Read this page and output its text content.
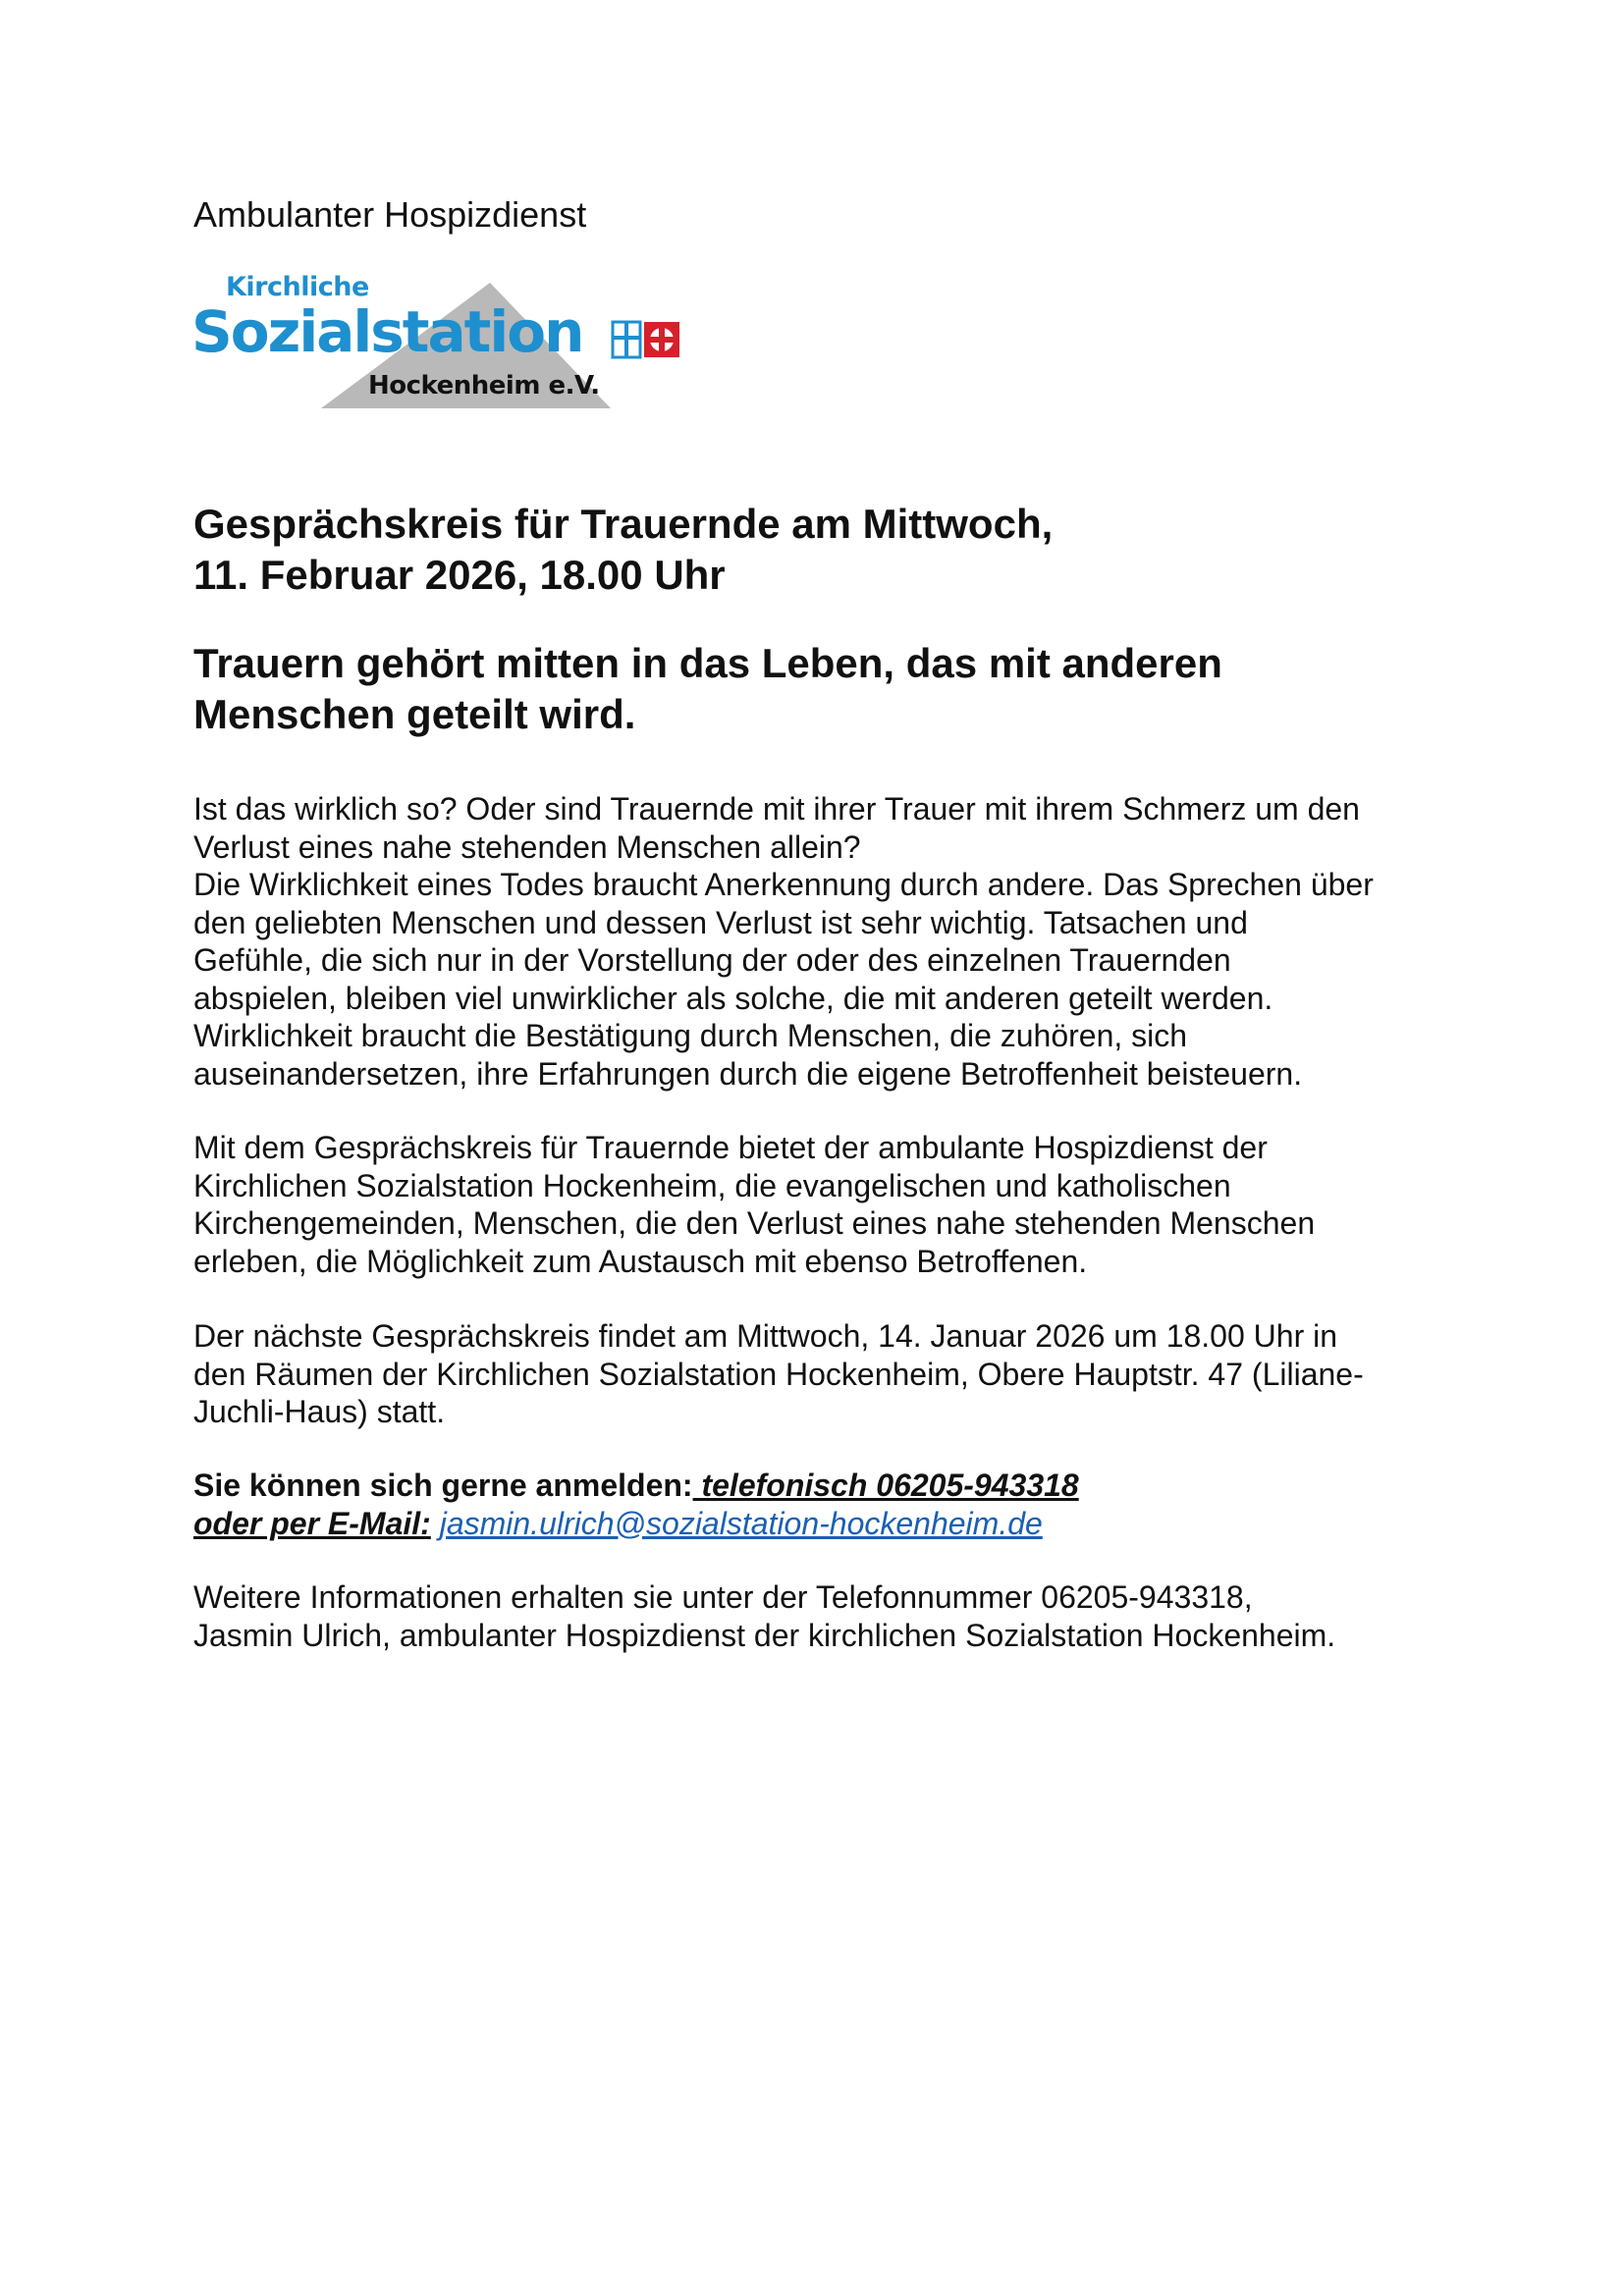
Ambulanter Hospizdienst

Kirchliche
Sozialstation
Hockenheim e.V.
Gesprächskreis für Trauernde am Mittwoch,
11. Februar 2026, 18.00 Uhr
Trauern gehört mitten in das Leben, das mit anderen
Menschen geteilt wird.

Ist das wirklich so? Oder sind Trauernde mit ihrer Trauer mit ihrem Schmerz um den
Verlust eines nahe stehenden Menschen allein?
Die Wirklichkeit eines Todes braucht Anerkennung durch andere. Das Sprechen über
den geliebten Menschen und dessen Verlust ist sehr wichtig. Tatsachen und
Gefühle, die sich nur in der Vorstellung der oder des einzelnen Trauernden
abspielen, bleiben viel unwirklicher als solche, die mit anderen geteilt werden.
Wirklichkeit braucht die Bestätigung durch Menschen, die zuhören, sich
auseinandersetzen, ihre Erfahrungen durch die eigene Betroffenheit beisteuern.

Mit dem Gesprächskreis für Trauernde bietet der ambulante Hospizdienst der
Kirchlichen Sozialstation Hockenheim, die evangelischen und katholischen
Kirchengemeinden, Menschen, die den Verlust eines nahe stehenden Menschen
erleben, die Möglichkeit zum Austausch mit ebenso Betroffenen.

Der nächste Gesprächskreis findet am Mittwoch, 14. Januar 2026 um 18.00 Uhr in
den Räumen der Kirchlichen Sozialstation Hockenheim, Obere Hauptstr. 47 (Liliane-
Juchli-Haus) statt.

Sie können sich gerne anmelden: telefonisch 06205-943318
oder per E-Mail: jasmin.ulrich@sozialstation-hockenheim.de

Weitere Informationen erhalten sie unter der Telefonnummer 06205-943318,
Jasmin Ulrich, ambulanter Hospizdienst der kirchlichen Sozialstation Hockenheim.
